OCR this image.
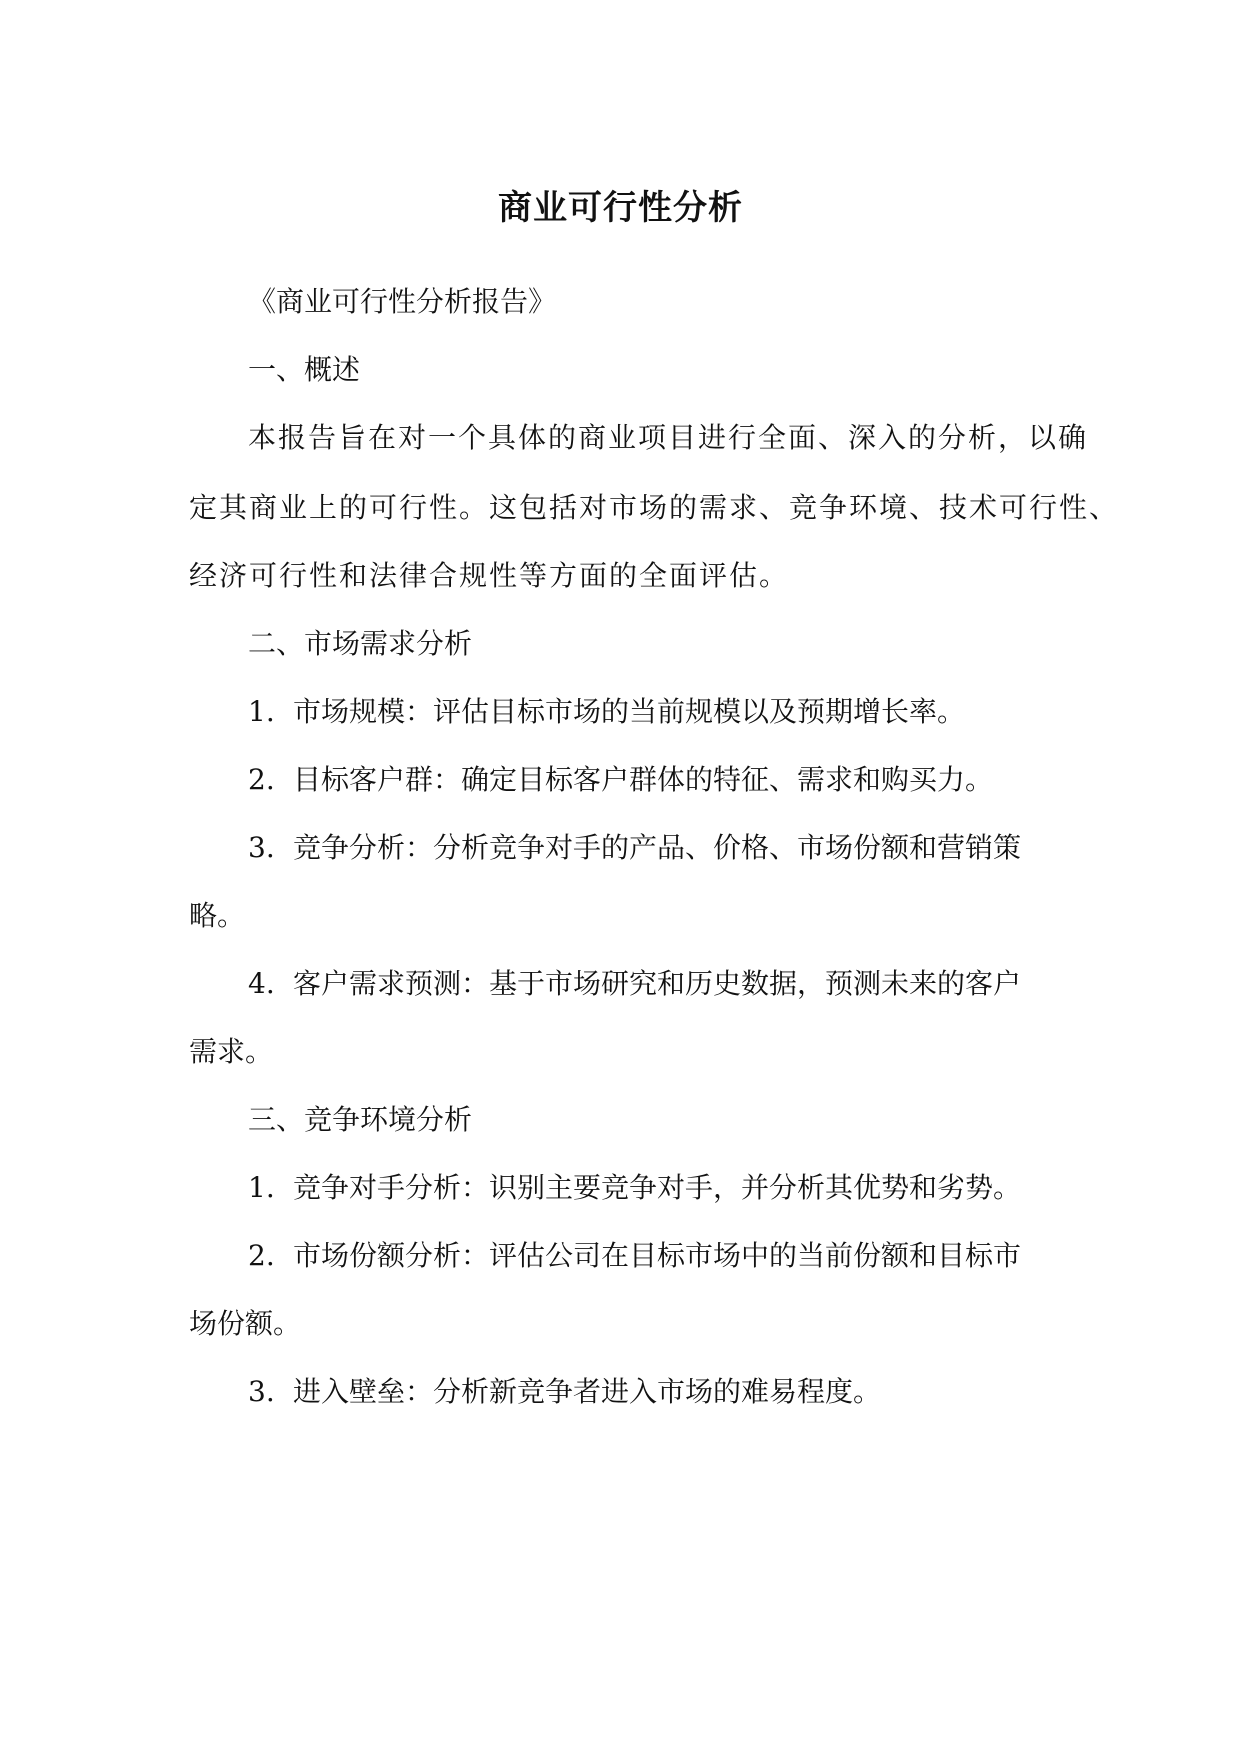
商业可行性分析
《商业可行性分析报告》
一、概述
本报告旨在对一个具体的商业项目进行全面、深入的分析，以确
定其商业上的可行性。这包括对市场的需求、竞争环境、技术可行性、
经济可行性和法律合规性等方面的全面评估。
二、市场需求分析
1. 市场规模：评估目标市场的当前规模以及预期增长率。
2. 目标客户群：确定目标客户群体的特征、需求和购买力。
3. 竞争分析：分析竞争对手的产品、价格、市场份额和营销策
略。
4. 客户需求预测：基于市场研究和历史数据，预测未来的客户
需求。
三、竞争环境分析
1. 竞争对手分析：识别主要竞争对手，并分析其优势和劣势。
2. 市场份额分析：评估公司在目标市场中的当前份额和目标市
场份额。
3. 进入壁垒：分析新竞争者进入市场的难易程度。
